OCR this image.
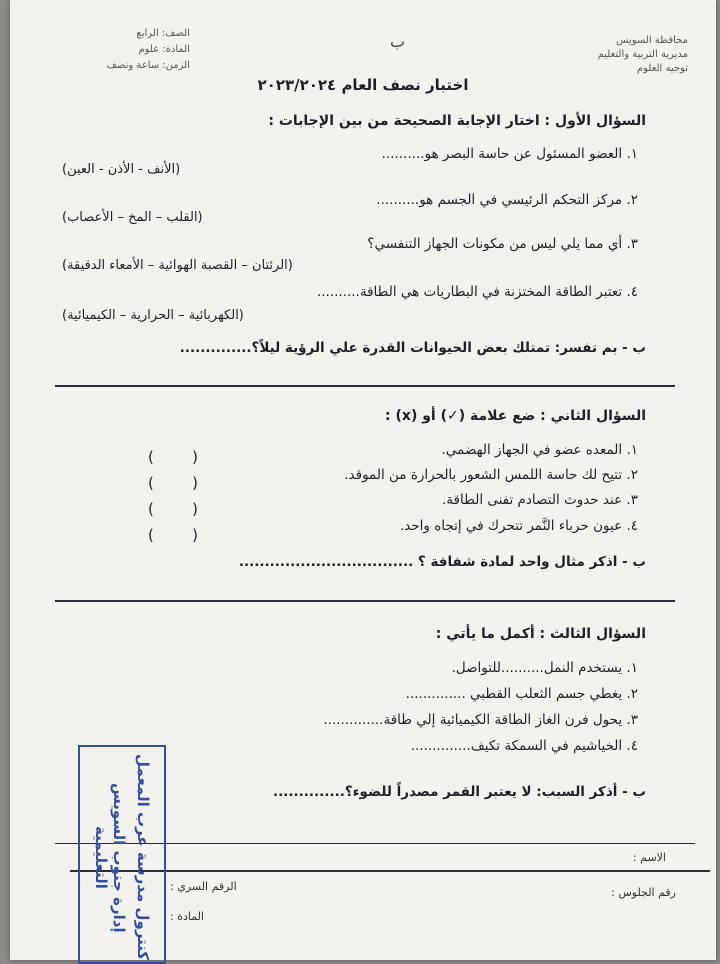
الصف: الرابع
المادة: علوم
الزمن: ساعة ونصف
ب	محافظة السويس
مديرية التربية والتعليم
توجيه العلوم
اختبار نصف العام ٢٠٢٣/٢٠٢٤
السؤال الأول : اختار الإجابة الصحيحة من بين الإجابات :
١. العضو المسئول عن حاسة البصر هو..........
(الأنف - الأذن - العين)
٢. مركز التحكم الرئيسي في الجسم هو..........
(القلب – المخ – الأعصاب)
٣. أي مما يلي ليس من مكونات الجهاز التنفسي؟
(الرئتان – القصبة الهوائية – الأمعاء الدقيقة)
٤. تعتبر الطاقة المختزنة في البطاريات هي الطاقة..........
(الكهربائية – الحرارية – الكيميائية)
ب - بم تفسر: تمتلك بعض الحيوانات القدرة علي الرؤية ليلاً؟..............
السؤال الثاني : ضع علامة (✓) أو (x) :
١. المعده عضو في الجهاز الهضمي.
(
)
٢. تتيح لك حاسة اللمس الشعور بالحرارة من الموقد.
(
)
٣. عند حدوث التصادم تفنى الطاقة.
(
)
٤. عيون حرباء النَّمر تتحرك في إتجاه واحد.
(
)
ب - اذكر مثال واحد لمادة شفافة ؟ ..................................
السؤال الثالث : أكمل ما يأتي :
١. يستخدم النمل..........للتواصل.
٢. يغطي جسم الثعلب القطبي ..............
٣. يحول فرن الغاز الطاقة الكيميائية إلي طاقة..............
٤. الخياشيم في السمكة تكيف..............
ب - أذكر السبب: لا يعتبر القمر مصدراً للضوء؟..............
الاسم :
رقم الجلوس :
الرقم السري :
المادة :
كنترول مدرسة عرب المعمل
إدارة جنوب السويس التعليمية
